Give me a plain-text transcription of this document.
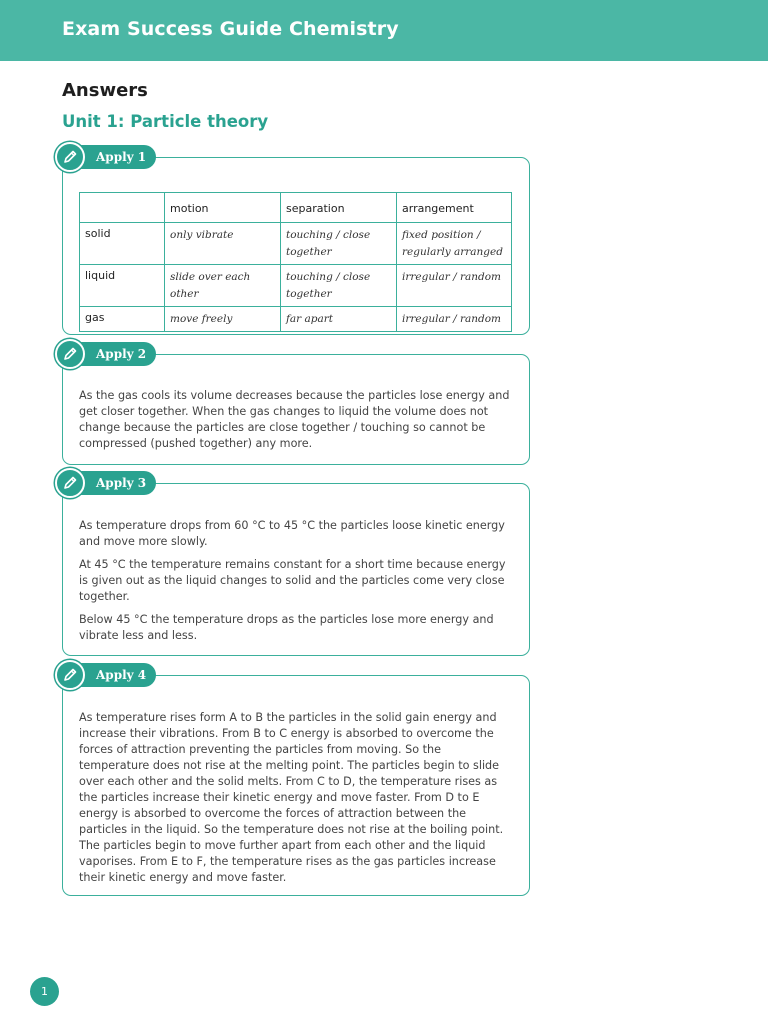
Exam Success Guide Chemistry
Answers
Unit 1: Particle theory
Apply 1
	motion	separation	arrangement
solid	only vibrate	touching / close together	fixed position / regularly arranged
liquid	slide over each other	touching / close together	irregular / random
gas	move freely	far apart	irregular / random
Apply 2

As the gas cools its volume decreases because the particles lose energy and get closer together. When the gas changes to liquid the volume does not change because the particles are close together / touching so cannot be compressed (pushed together) any more.

Apply 3

As temperature drops from 60 °C to 45 °C the particles loose kinetic energy and move more slowly.

At 45 °C the temperature remains constant for a short time because energy is given out as the liquid changes to solid and the particles come very close together.

Below 45 °C the temperature drops as the particles lose more energy and vibrate less and less.

Apply 4

As temperature rises form A to B the particles in the solid gain energy and increase their vibrations. From B to C energy is absorbed to overcome the forces of attraction preventing the particles from moving. So the temperature does not rise at the melting point. The particles begin to slide over each other and the solid melts. From C to D, the temperature rises as the particles increase their kinetic energy and move faster. From D to E energy is absorbed to overcome the forces of attraction between the particles in the liquid. So the temperature does not rise at the boiling point. The particles begin to move further apart from each other and the liquid vaporises. From E to F, the temperature rises as the gas particles increase their kinetic energy and move faster.

1
